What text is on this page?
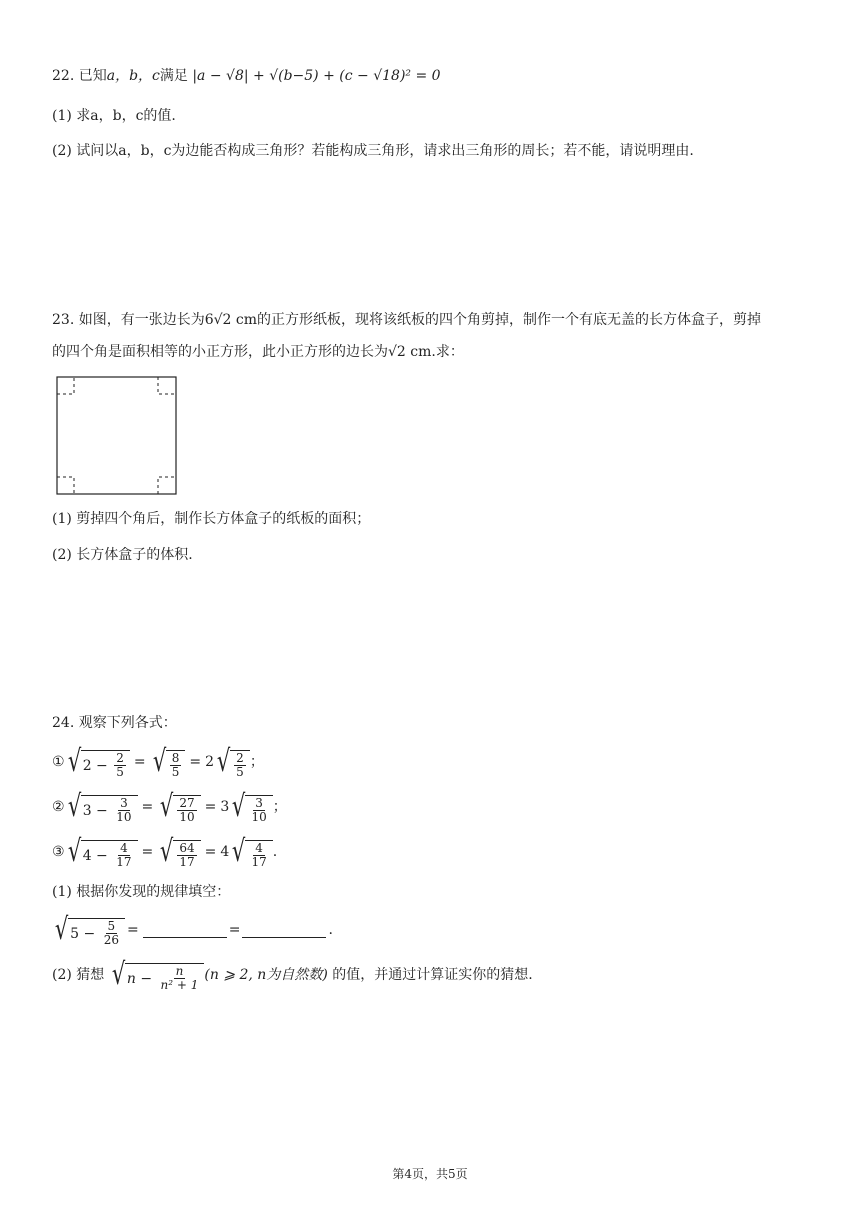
22. 已知a，b，c满足 |a − √8| + √(b−5) + (c − √18)² = 0
(1) 求a，b，c的值.
(2) 试问以a，b，c为边能否构成三角形？若能构成三角形，请求出三角形的周长；若不能，请说明理由.
23. 如图，有一张边长为6√2 cm的正方形纸板，现将该纸板的四个角剪掉，制作一个有底无盖的长方体盒子，剪掉
的四个角是面积相等的小正方形，此小正方形的边长为√2 cm.求：
(1) 剪掉四个角后，制作长方体盒子的纸板的面积；
(2) 长方体盒子的体积.
24. 观察下列各式：
① √ $2 - \frac{2}{5}$ = √ $\frac{8}{5} = 2$ √ $\frac{2}{5}$ ；
② √ $3 - \frac{3}{10}$ = √ $\frac{27}{10} = 3$ √ $\frac{3}{10}$ ；
③ √ $4 - \frac{4}{17}$ = √ $\frac{64}{17} = 4$ √ $\frac{4}{17}$ .
(1) 根据你发现的规律填空：
√ $5 - \frac{5}{26}$ =	=	.
(2) 猜想
√ $n - \frac{n}{\text{n² + 1}} (n$ ⩾ 2, n为自然数)
的值，并通过计算证实你的猜想.
第4页，共5页
